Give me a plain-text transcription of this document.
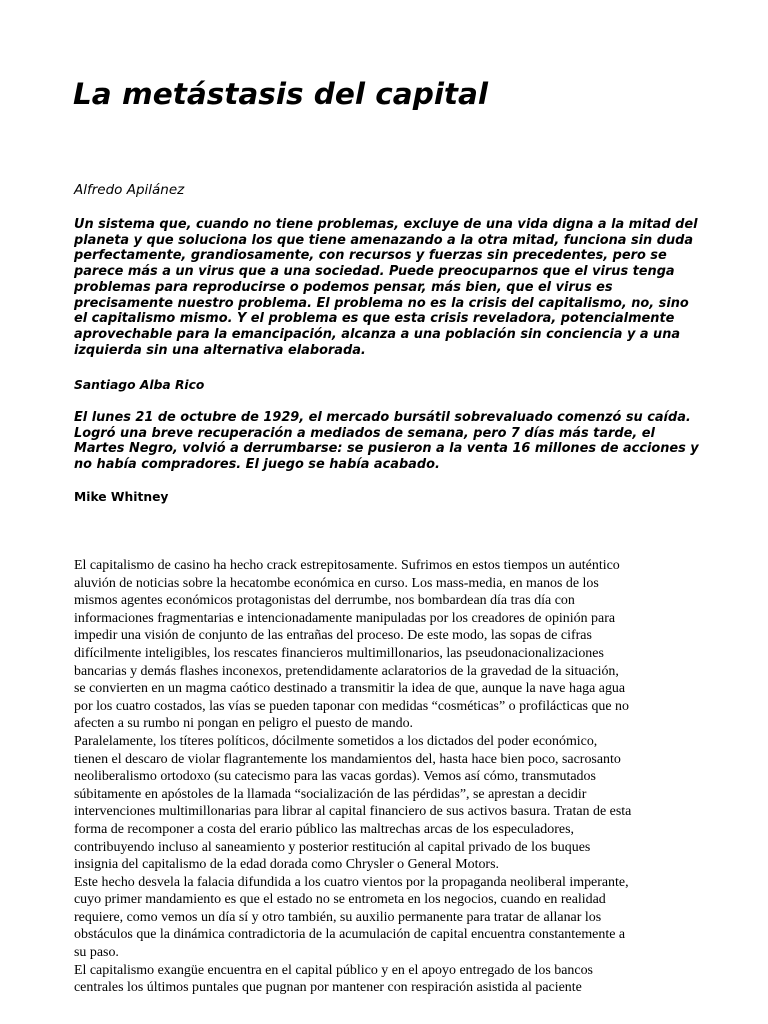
La metástasis del capital

Alfredo Apilánez

Un sistema que, cuando no tiene problemas, excluye de una vida digna a la mitad del
planeta y que soluciona los que tiene amenazando a la otra mitad, funciona sin duda
perfectamente, grandiosamente, con recursos y fuerzas sin precedentes, pero se
parece más a un virus que a una sociedad. Puede preocuparnos que el virus tenga
problemas para reproducirse o podemos pensar, más bien, que el virus es
precisamente nuestro problema. El problema no es la crisis del capitalismo, no, sino
el capitalismo mismo. Y el problema es que esta crisis reveladora, potencialmente
aprovechable para la emancipación, alcanza a una población sin conciencia y a una
izquierda sin una alternativa elaborada.

Santiago Alba Rico

El lunes 21 de octubre de 1929, el mercado bursátil sobrevaluado comenzó su caída.
Logró una breve recuperación a mediados de semana, pero 7 días más tarde, el
Martes Negro, volvió a derrumbarse: se pusieron a la venta 16 millones de acciones y
no había compradores. El juego se había acabado.

Mike Whitney

El capitalismo de casino ha hecho crack estrepitosamente. Sufrimos en estos tiempos un auténtico
aluvión de noticias sobre la hecatombe económica en curso. Los mass-media, en manos de los
mismos agentes económicos protagonistas del derrumbe, nos bombardean día tras día con
informaciones fragmentarias e intencionadamente manipuladas por los creadores de opinión para
impedir una visión de conjunto de las entrañas del proceso. De este modo, las sopas de cifras
difícilmente inteligibles, los rescates financieros multimillonarios, las pseudonacionalizaciones
bancarias y demás flashes inconexos, pretendidamente aclaratorios de la gravedad de la situación,
se convierten en un magma caótico destinado a transmitir la idea de que, aunque la nave haga agua
por los cuatro costados, las vías se pueden taponar con medidas “cosméticas” o profilácticas que no
afecten a su rumbo ni pongan en peligro el puesto de mando.
Paralelamente, los títeres políticos, dócilmente sometidos a los dictados del poder económico,
tienen el descaro de violar flagrantemente los mandamientos del, hasta hace bien poco, sacrosanto
neoliberalismo ortodoxo (su catecismo para las vacas gordas). Vemos así cómo, transmutados
súbitamente en apóstoles de la llamada “socialización de las pérdidas”, se aprestan a decidir
intervenciones multimillonarias para librar al capital financiero de sus activos basura. Tratan de esta
forma de recomponer a costa del erario público las maltrechas arcas de los especuladores,
contribuyendo incluso al saneamiento y posterior restitución al capital privado de los buques
insignia del capitalismo de la edad dorada como Chrysler o General Motors.
Este hecho desvela la falacia difundida a los cuatro vientos por la propaganda neoliberal imperante,
cuyo primer mandamiento es que el estado no se entrometa en los negocios, cuando en realidad
requiere, como vemos un día sí y otro también, su auxilio permanente para tratar de allanar los
obstáculos que la dinámica contradictoria de la acumulación de capital encuentra constantemente a
su paso.
El capitalismo exangüe encuentra en el capital público y en el apoyo entregado de los bancos
centrales los últimos puntales que pugnan por mantener con respiración asistida al paciente
